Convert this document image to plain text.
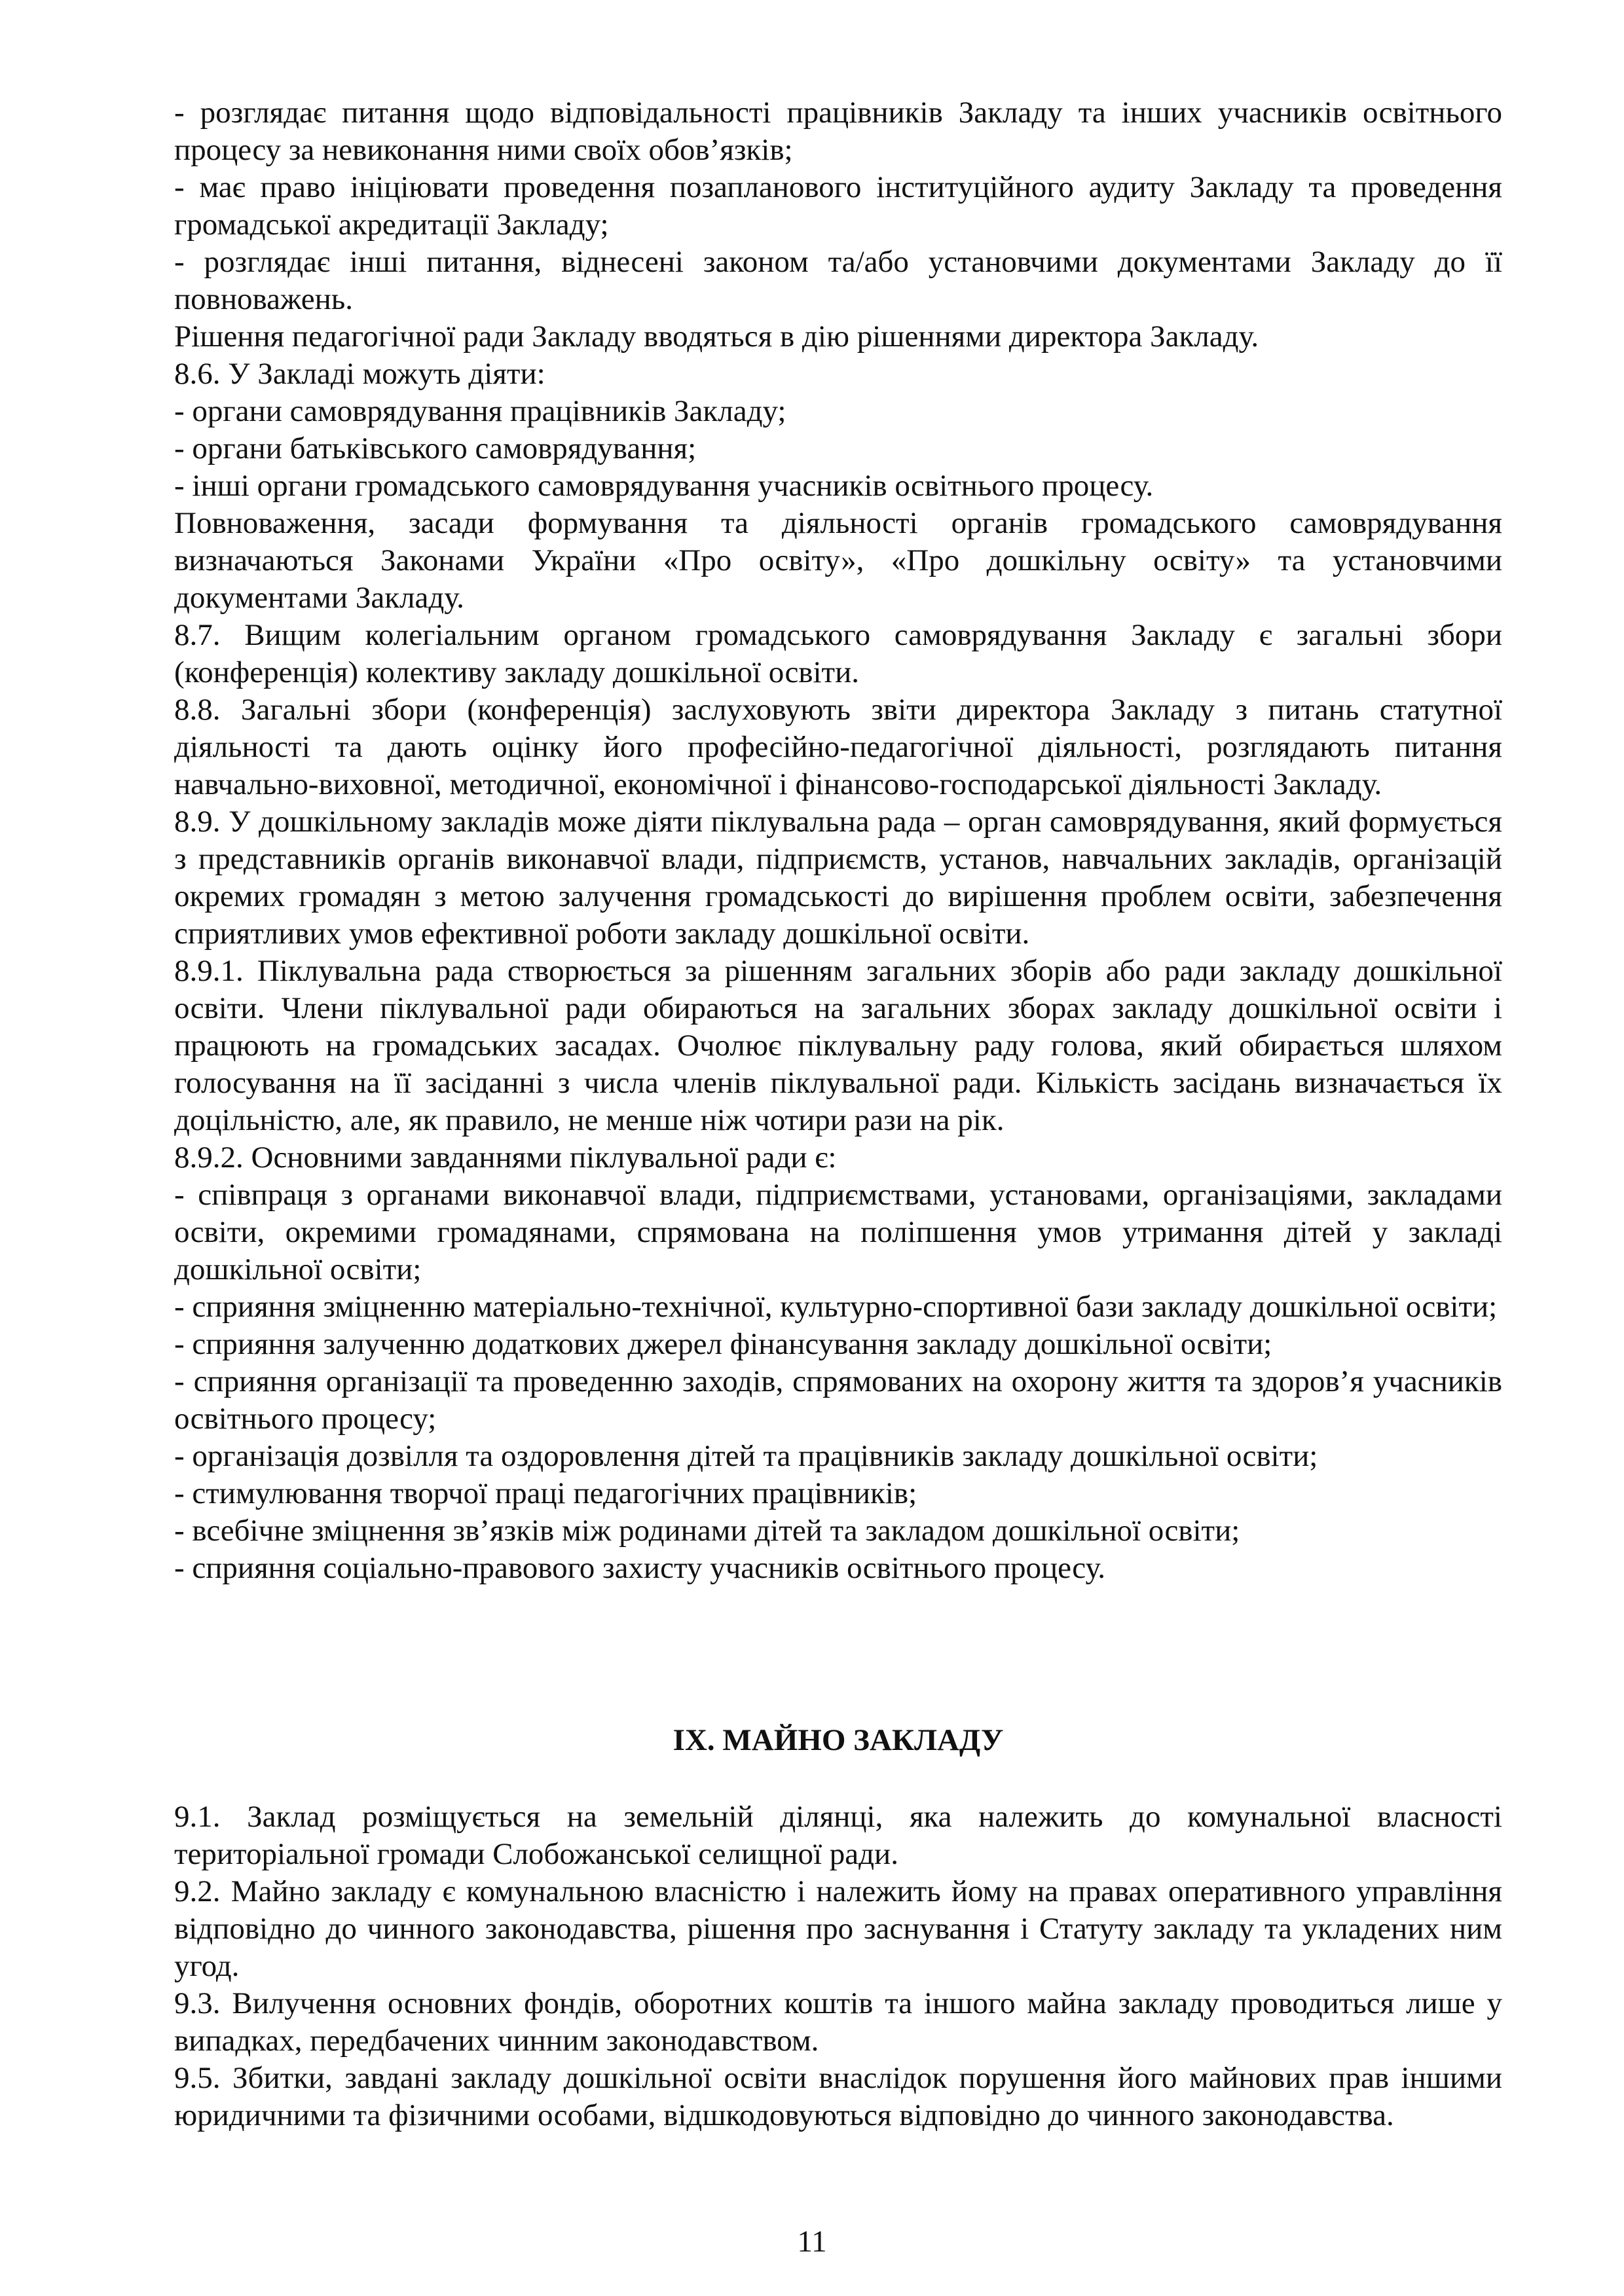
- розглядає питання щодо відповідальності працівників Закладу та інших учасників освітнього процесу за невиконання ними своїх обов’язків;

- має право ініціювати проведення позапланового інституційного аудиту Закладу та проведення громадської акредитації Закладу;

- розглядає інші питання, віднесені законом та/або установчими документами Закладу до її повноважень.

Рішення педагогічної ради Закладу вводяться в дію рішеннями директора Закладу.

8.6. У Закладі можуть діяти:

- органи самоврядування працівників Закладу;

- органи батьківського самоврядування;

- інші органи громадського самоврядування учасників освітнього процесу.

Повноваження, засади формування та діяльності органів громадського самоврядування визначаються Законами України «Про освіту», «Про дошкільну освіту» та установчими документами Закладу.

8.7. Вищим колегіальним органом громадського самоврядування Закладу є загальні збори (конференція) колективу закладу дошкільної освіти.

8.8. Загальні збори (конференція) заслуховують звіти директора Закладу з питань статутної діяльності та дають оцінку його професійно-педагогічної діяльності, розглядають питання навчально-виховної, методичної, економічної і фінансово-господарської діяльності Закладу.

8.9. У дошкільному закладів може діяти піклувальна рада – орган самоврядування, який формується з представників органів виконавчої влади, підприємств, установ, навчальних закладів, організацій окремих громадян з метою залучення громадськості до вирішення проблем освіти, забезпечення сприятливих умов ефективної роботи закладу дошкільної освіти.

8.9.1. Піклувальна рада створюється за рішенням загальних зборів або ради закладу дошкільної освіти. Члени піклувальної ради обираються на загальних зборах закладу дошкільної освіти і працюють на громадських засадах. Очолює піклувальну раду голова, який обирається шляхом голосування на її засіданні з числа членів піклувальної ради. Кількість засідань визначається їх доцільністю, але, як правило, не менше ніж чотири рази на рік.

8.9.2. Основними завданнями піклувальної ради є:

- співпраця з органами виконавчої влади, підприємствами, установами, організаціями, закладами освіти, окремими громадянами, спрямована на поліпшення умов утримання дітей у закладі дошкільної освіти;

- сприяння зміцненню матеріально-технічної, культурно-спортивної бази закладу дошкільної освіти;

- сприяння залученню додаткових джерел фінансування закладу дошкільної освіти;

- сприяння організації та проведенню заходів, спрямованих на охорону життя та здоров’я учасників освітнього процесу;

- організація дозвілля та оздоровлення дітей та працівників закладу дошкільної освіти;

- стимулювання творчої праці педагогічних працівників;

- всебічне зміцнення зв’язків між родинами дітей та закладом дошкільної освіти;

- сприяння соціально-правового захисту учасників освітнього процесу.

IX. МАЙНО ЗАКЛАДУ

9.1. Заклад розміщується на земельній ділянці, яка належить до комунальної власності територіальної громади Слобожанської селищної ради.

9.2. Майно закладу є комунальною власністю і належить йому на правах оперативного управління відповідно до чинного законодавства, рішення про заснування і Статуту закладу та укладених ним угод.

9.3. Вилучення основних фондів, оборотних коштів та іншого майна закладу проводиться лише у випадках, передбачених чинним законодавством.

9.5. Збитки, завдані закладу дошкільної освіти внаслідок порушення його майнових прав іншими юридичними та фізичними особами, відшкодовуються відповідно до чинного законодавства.

11
